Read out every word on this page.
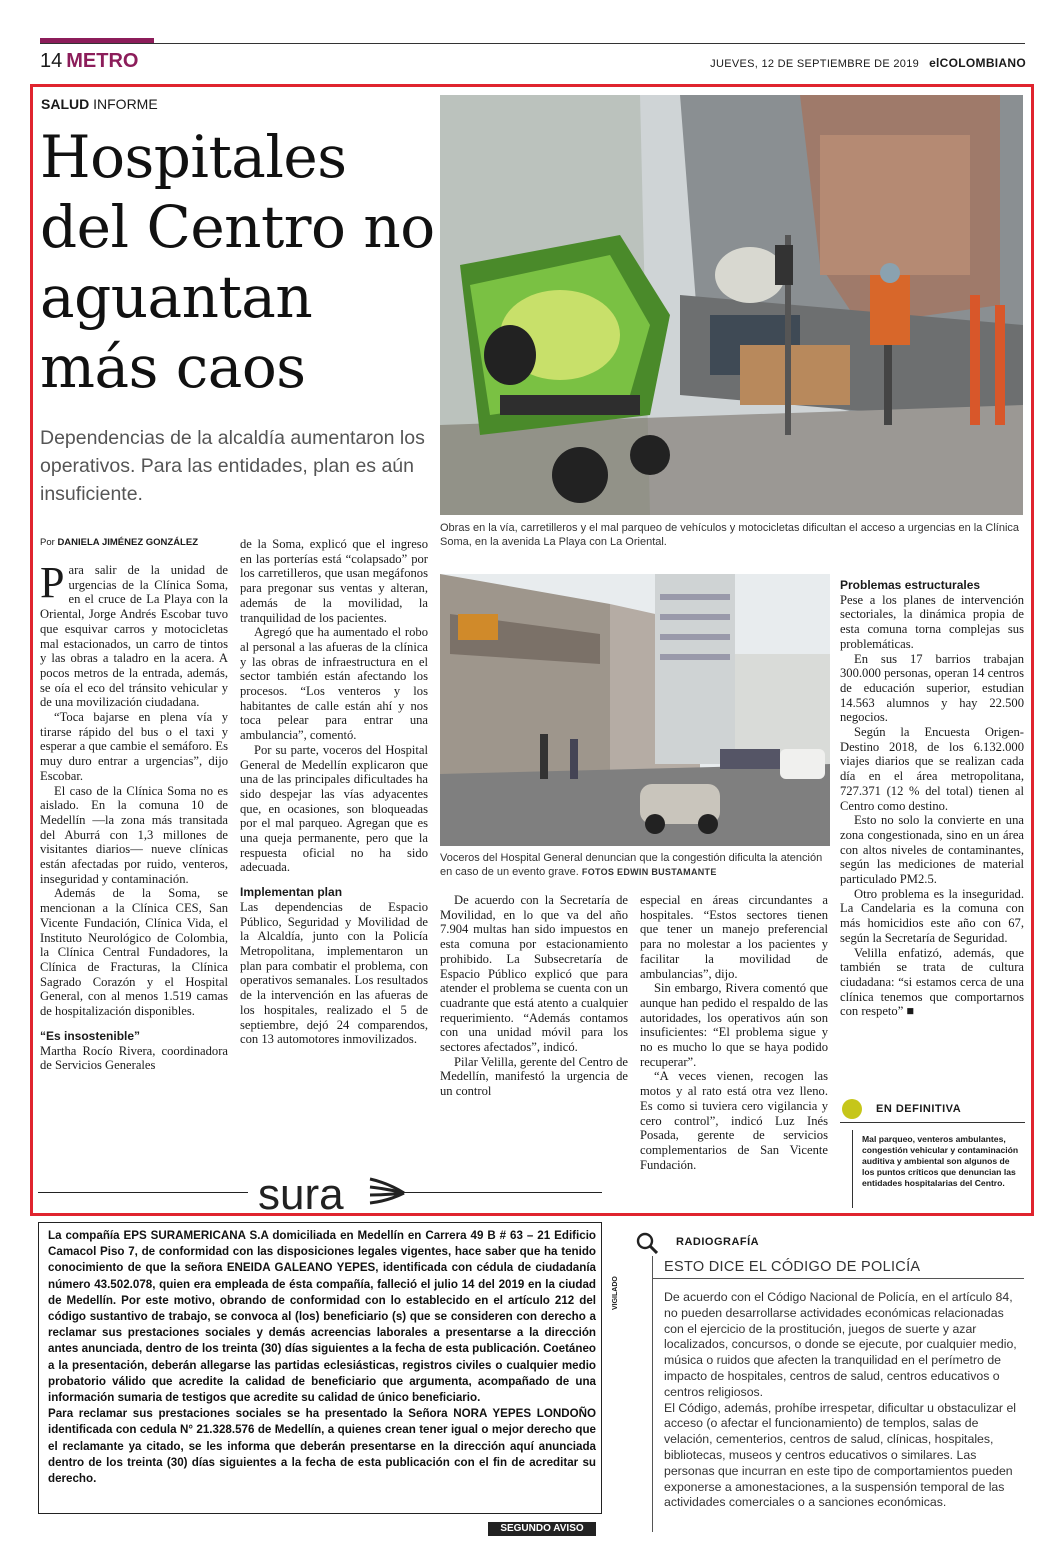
14 METRO	JUEVES, 12 DE SEPTIEMBRE DE 2019 elCOLOMBIANO
SALUD INFORME
Hospitales del Centro no aguantan más caos
Dependencias de la alcaldía aumentaron los operativos. Para las entidades, plan es aún insuficiente.
Obras en la vía, carretilleros y el mal parqueo de vehículos y motocicletas dificultan el acceso a urgencias en la Clínica Soma, en la avenida La Playa con La Oriental.
Por DANIELA JIMÉNEZ GONZÁLEZ

Para salir de la unidad de urgencias de la Clínica Soma, en el cruce de La Playa con la Oriental, Jorge Andrés Escobar tuvo que esquivar carros y motocicletas mal estacionados, un carro de tintos y las obras a taladro en la acera. A pocos metros de la entrada, además, se oía el eco del tránsito vehicular y de una movilización ciudadana.

“Toca bajarse en plena vía y tirarse rápido del bus o el taxi y esperar a que cambie el semáforo. Es muy duro entrar a urgencias”, dijo Escobar.

El caso de la Clínica Soma no es aislado. En la comuna 10 de Medellín —la zona más transitada del Aburrá con 1,3 millones de visitantes diarios— nueve clínicas están afectadas por ruido, venteros, inseguridad y contaminación.

Además de la Soma, se mencionan a la Clínica CES, San Vicente Fundación, Clínica Vida, el Instituto Neurológico de Colombia, la Clínica Central Fundadores, la Clínica de Fracturas, la Clínica Sagrado Corazón y el Hospital General, con al menos 1.519 camas de hospitalización disponibles.

“Es insostenible”

Martha Rocío Rivera, coordinadora de Servicios Generales

de la Soma, explicó que el ingreso en las porterías está “colapsado” por los carretilleros, que usan megáfonos para pregonar sus ventas y alteran, además de la movilidad, la tranquilidad de los pacientes.

Agregó que ha aumentado el robo al personal a las afueras de la clínica y las obras de infraestructura en el sector también están afectando los procesos. “Los venteros y los habitantes de calle están ahí y nos toca pelear para entrar una ambulancia”, comentó.

Por su parte, voceros del Hospital General de Medellín explicaron que una de las principales dificultades ha sido despejar las vías adyacentes que, en ocasiones, son bloqueadas por el mal parqueo. Agregan que es una queja permanente, pero que la respuesta oficial no ha sido adecuada.

Implementan plan

Las dependencias de Espacio Público, Seguridad y Movilidad de la Alcaldía, junto con la Policía Metropolitana, implementaron un plan para combatir el problema, con operativos semanales. Los resultados de la intervención en las afueras de los hospitales, realizado el 5 de septiembre, dejó 24 comparendos, con 13 automotores inmovilizados.

Voceros del Hospital General denuncian que la congestión dificulta la atención en caso de un evento grave. FOTOS EDWIN BUSTAMANTE

De acuerdo con la Secretaría de Movilidad, en lo que va del año 7.904 multas han sido impuestos en esta comuna por estacionamiento prohibido. La Subsecretaría de Espacio Público explicó que para atender el problema se cuenta con un cuadrante que está atento a cualquier requerimiento. “Además contamos con una unidad móvil para los sectores afectados”, indicó.

Pilar Velilla, gerente del Centro de Medellín, manifestó la urgencia de un control

especial en áreas circundantes a hospitales. “Estos sectores tienen que tener un manejo preferencial para no molestar a los pacientes y facilitar la movilidad de ambulancias”, dijo.

Sin embargo, Rivera comentó que aunque han pedido el respaldo de las autoridades, los operativos aún son insuficientes: “El problema sigue y no es mucho lo que se haya podido recuperar”.

“A veces vienen, recogen las motos y al rato está otra vez lleno. Es como si tuviera cero vigilancia y cero control”, indicó Luz Inés Posada, gerente de servicios complementarios de San Vicente Fundación.

Problemas estructurales

Pese a los planes de intervención sectoriales, la dinámica propia de esta comuna torna complejas sus problemáticas.

En sus 17 barrios trabajan 300.000 personas, operan 14 centros de educación superior, estudian 14.563 alumnos y hay 22.500 negocios.

Según la Encuesta Origen-Destino 2018, de los 6.132.000 viajes diarios que se realizan cada día en el área metropolitana, 727.371 (12 % del total) tienen al Centro como destino.

Esto no solo la convierte en una zona congestionada, sino en un área con altos niveles de contaminantes, según las mediciones de material particulado PM2.5.

Otro problema es la inseguridad. La Candelaria es la comuna con más homicidios este año con 67, según la Secretaría de Seguridad.

Velilla enfatizó, además, que también se trata de cultura ciudadana: “si estamos cerca de una clínica tenemos que comportarnos con respeto” ■

EN DEFINITIVA
Mal parqueo, venteros ambulantes, congestión vehicular y contaminación auditiva y ambiental son algunos de los puntos críticos que denuncian las entidades hospitalarias del Centro.
sura

La compañía EPS SURAMERICANA S.A domiciliada en Medellín en Carrera 49 B # 63 – 21 Edificio Camacol Piso 7, de conformidad con las disposiciones legales vigentes, hace saber que ha tenido conocimiento de que la señora ENEIDA GALEANO YEPES, identificada con cédula de ciudadanía número 43.502.078, quien era empleada de ésta compañía, falleció el julio 14 del 2019 en la ciudad de Medellín. Por este motivo, obrando de conformidad con lo establecido en el artículo 212 del código sustantivo de trabajo, se convoca al (los) beneficiario (s) que se consideren con derecho a reclamar sus prestaciones sociales y demás acreencias laborales a presentarse a la dirección antes anunciada, dentro de los treinta (30) días siguientes a la fecha de esta publicación. Coetáneo a la presentación, deberán allegarse las partidas eclesiásticas, registros civiles o cualquier medio probatorio válido que acredite la calidad de beneficiario que argumenta, acompañado de una información sumaria de testigos que acredite su calidad de único beneficiario.

Para reclamar sus prestaciones sociales se ha presentado la Señora NORA YEPES LONDOÑO identificada con cedula N° 21.328.576 de Medellín, a quienes crean tener igual o mejor derecho que el reclamante ya citado, se les informa que deberán presentarse en la dirección aquí anunciada dentro de los treinta (30) días siguientes a la fecha de esta publicación con el fin de acreditar su derecho.

SEGUNDO AVISO
VIGILADO
RADIOGRAFÍA
ESTO DICE EL CÓDIGO DE POLICÍA

De acuerdo con el Código Nacional de Policía, en el artículo 84, no pueden desarrollarse actividades económicas relacionadas con el ejercicio de la prostitución, juegos de suerte y azar localizados, concursos, o donde se ejecute, por cualquier medio, música o ruidos que afecten la tranquilidad en el perímetro de impacto de hospitales, centros de salud, centros educativos o centros religiosos.

El Código, además, prohíbe irrespetar, dificultar u obstaculizar el acceso (o afectar el funcionamiento) de templos, salas de velación, cementerios, centros de salud, clínicas, hospitales, bibliotecas, museos y centros educativos o similares. Las personas que incurran en este tipo de comportamientos pueden exponerse a amonestaciones, a la suspensión temporal de las actividades comerciales o a sanciones económicas.
